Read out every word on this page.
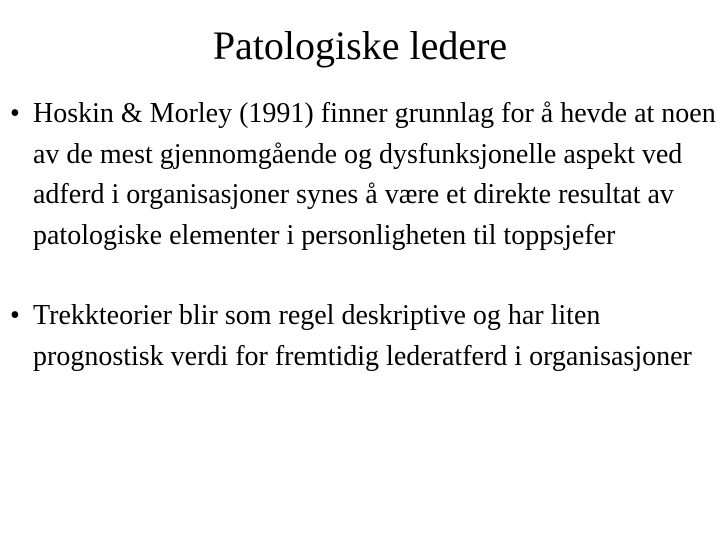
Patologiske ledere
• Hoskin & Morley (1991) finner grunnlag for å hevde at noen av de mest gjennomgående og dysfunksjonelle aspekt ved adferd i organisasjoner synes å være et direkte resultat av patologiske elementer i personligheten til toppsjefer
• Trekkteorier blir som regel deskriptive og har liten prognostisk verdi for fremtidig lederatferd i organisasjoner
